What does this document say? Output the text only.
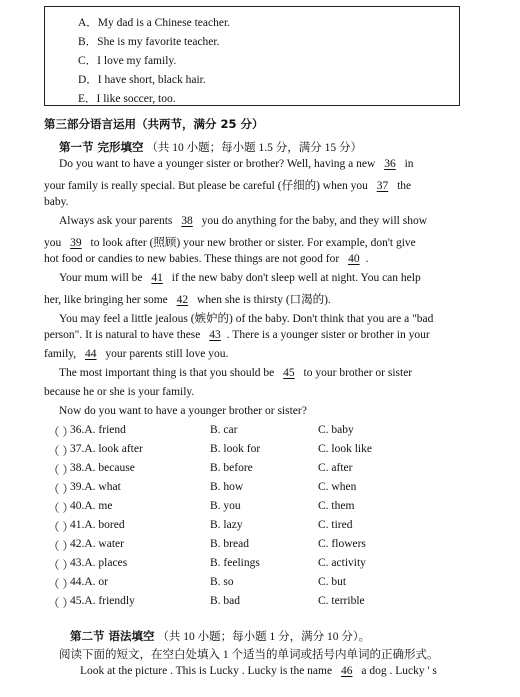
A．My dad is a Chinese teacher.
B．She is my favorite teacher.
C．I love my family.
D．I have short, black hair.
E．I like soccer, too.
第三部分语言运用（共两节，满分 25 分）
第一节 完形填空 （共 10 小题；每小题 1.5 分，满分 15 分）
Do you want to have a younger sister or brother? Well, having a new 36 in
your family is really special. But please be careful (仔细的) when you 37 the
baby.
Always ask your parents 38 you do anything for the baby, and they will show
you 39 to look after (照顾) your new brother or sister. For example, don't give
hot food or candies to new babies. These things are not good for 40 .
Your mum will be 41 if the new baby don't sleep well at night. You can help
her, like bringing her some 42 when she is thirsty (口渴的).
You may feel a little jealous (嫉妒的) of the baby. Don't think that you are a "bad
person". It is natural to have these 43 . There is a younger sister or brother in your
family, 44 your parents still love you.
The most important thing is that you should be 45 to your brother or sister
because he or she is your family.
Now do you want to have a younger brother or sister?
（ ）
36.A. friend	B. car	C. baby
（ ）
37.A. look after	B. look for	C. look like
（ ）
38.A. because	B. before	C. after
（ ）
39.A. what	B. how	C. when
（ ）
40.A. me	B. you	C. them
（ ）
41.A. bored	B. lazy	C. tired
（ ）
42.A. water	B. bread	C. flowers
（ ）
43.A. places	B. feelings	C. activity
（ ）
44.A. or	B. so	C. but
（ ）
45.A. friendly	B. bad	C. terrible
第二节 语法填空 （共 10 小题；每小题 1 分，满分 10 分）。
阅读下面的短文，在空白处填入 1 个适当的单词或括号内单词的正确形式。
Look at the picture . This is Lucky . Lucky is the name 46 a dog . Lucky ' s
